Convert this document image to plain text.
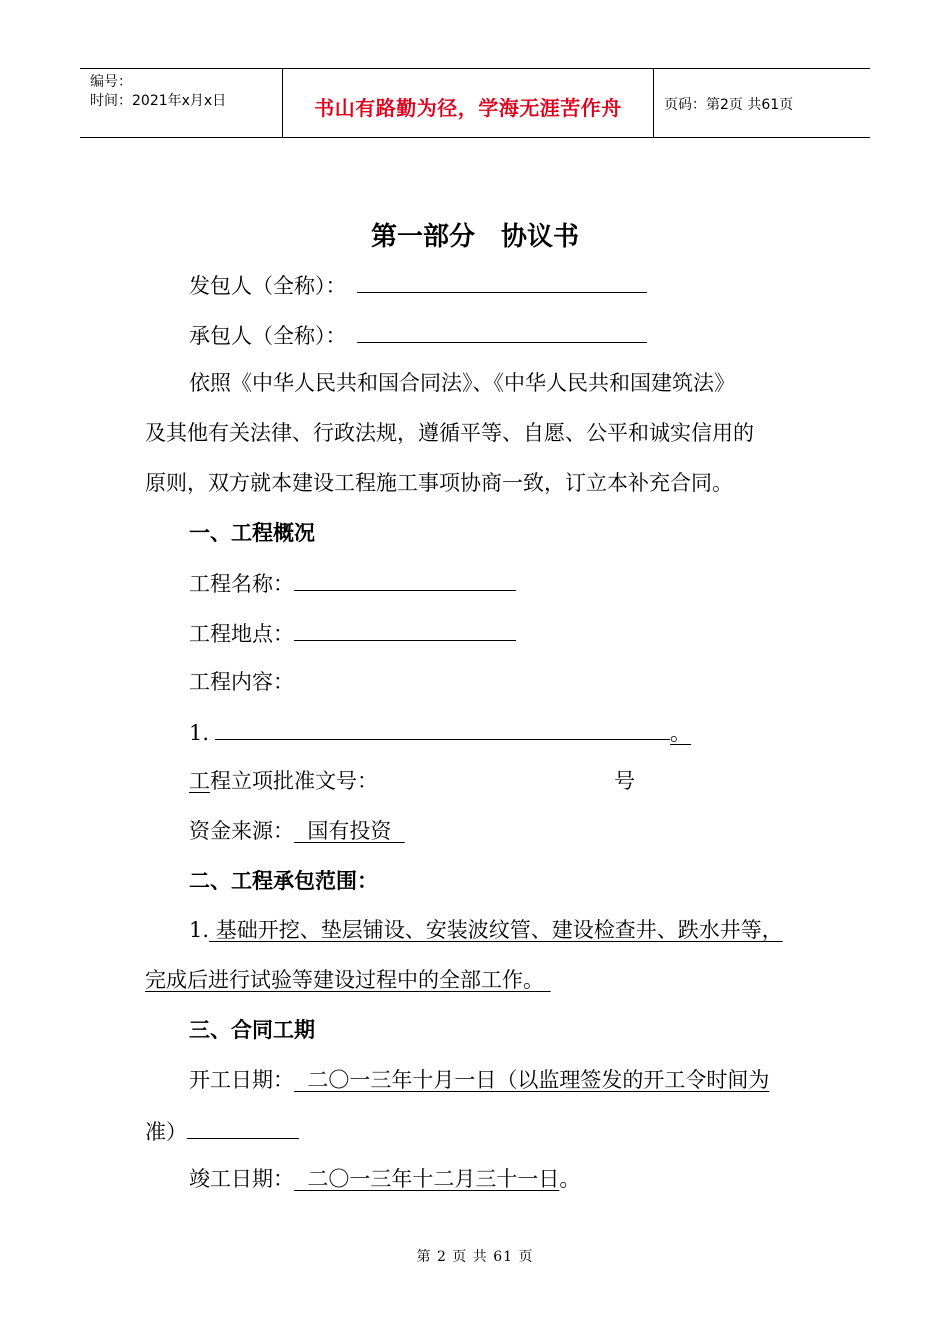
编号：
时间：2021年x月x日	书山有路勤为径，学海无涯苦作舟	页码：第2页 共61页
第一部分　协议书
发包人（全称）：
承包人（全称）：
依照《中华人民共和国合同法》、《中华人民共和国建筑法》
及其他有关法律、行政法规，遵循平等、自愿、公平和诚实信用的
原则，双方就本建设工程施工事项协商一致，订立本补充合同。
一、工程概况
工程名称：
工程地点：
工程内容：
1.	。
工程立项批准文号：	号
资金来源： 国有投资
二、工程承包范围：
1. 基础开挖、垫层铺设、安装波纹管、建设检查井、跌水井等，
完成后进行试验等建设过程中的全部工作。
三、合同工期
开工日期： 二〇一三年十月一日（以监理签发的开工令时间为
准）
竣工日期： 二〇一三年十二月三十一日。
第 2 页 共 61 页
